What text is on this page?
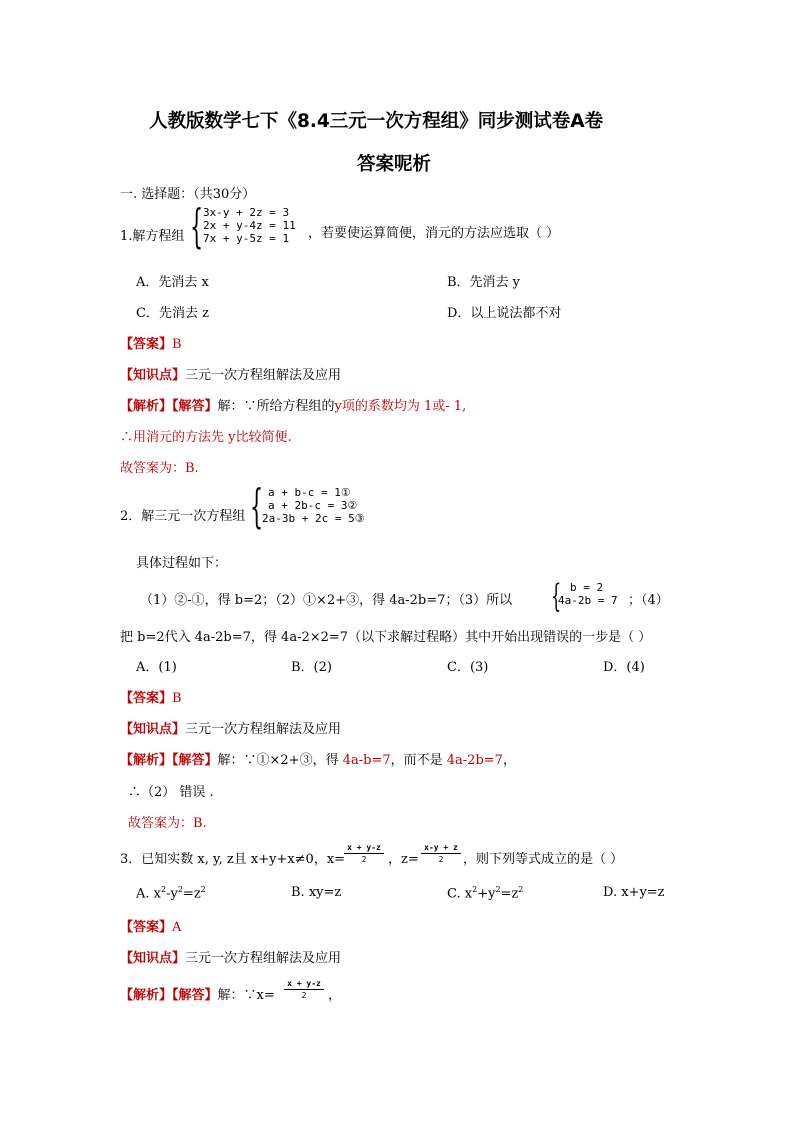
人教版数学七下《8.4三元一次方程组》同步测试卷A卷
答案呢析
一. 选择题：（共30分）
1.解方程组 { 3x-y + 2z = 3
2x + y-4z = 11
7x + y-5z = 1 ，若要使运算简便，消元的方法应选取（ ）
A．先消去 x	B．先消去 y
C．先消去 z	D．以上说法都不对
【答案】B
【知识点】三元一次方程组解法及应用
【解析】【解答】解：∵所给方程组的y项的系数均为 1或- 1,
∴用消元的方法先 y比较简便.
故答案为：B.
2．解三元一次方程组 { a + b-c = 1①
a + 2b-c = 3②
2a-3b + 2c = 5③
具体过程如下：
（1）②-①，得 b=2；（2）①×2+③，得 4a-2b=7；（3）所以 { b = 2
4a-2b = 7 ；（4）
把 b=2代入 4a-2b=7，得 4a-2×2=7（以下求解过程略）其中开始出现错误的一步是（ ）
A．(1)	B．(2)	C．(3)	D．(4)
【答案】B
【知识点】三元一次方程组解法及应用
【解析】【解答】解：∵①×2+③，得 4a-b=7，而不是 4a-2b=7，
∴（2） 错误 .
故答案为：B.
3．已知实数 x, y, z且 x+y+x≠0，x=
x + y-z
2	，z=
x-y + z
2	，则下列等式成立的是（ ）
A. $x^2-y^2=z^2$	B. xy=z	C. $x^2+y^2=z^2$	D. x+y=z
【答案】A
【知识点】三元一次方程组解法及应用
【解析】【解答】解：∵x=
x + y-z
2	，
